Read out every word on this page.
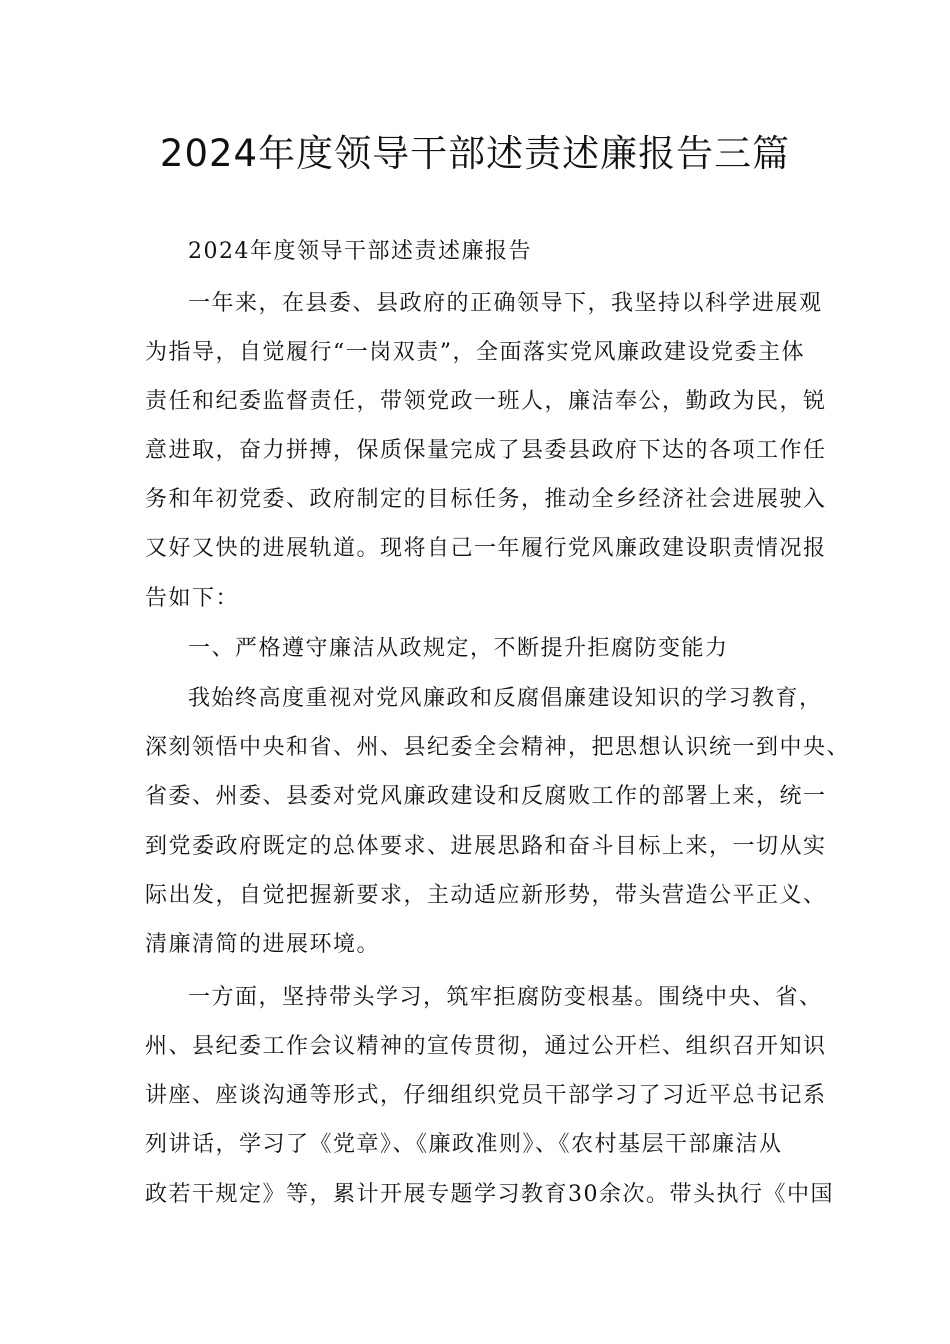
2024年度领导干部述责述廉报告三篇
2024年度领导干部述责述廉报告
一年来，在县委、县政府的正确领导下，我坚持以科学进展观
为指导，自觉履行“一岗双责”，全面落实党风廉政建设党委主体
责任和纪委监督责任，带领党政一班人，廉洁奉公，勤政为民，锐
意进取，奋力拼搏，保质保量完成了县委县政府下达的各项工作任
务和年初党委、政府制定的目标任务，推动全乡经济社会进展驶入
又好又快的进展轨道。现将自己一年履行党风廉政建设职责情况报
告如下：
一、严格遵守廉洁从政规定，不断提升拒腐防变能力
我始终高度重视对党风廉政和反腐倡廉建设知识的学习教育，
深刻领悟中央和省、州、县纪委全会精神，把思想认识统一到中央、
省委、州委、县委对党风廉政建设和反腐败工作的部署上来，统一
到党委政府既定的总体要求、进展思路和奋斗目标上来，一切从实
际出发，自觉把握新要求，主动适应新形势，带头营造公平正义、
清廉清简的进展环境。
一方面，坚持带头学习，筑牢拒腐防变根基。围绕中央、省、
州、县纪委工作会议精神的宣传贯彻，通过公开栏、组织召开知识
讲座、座谈沟通等形式，仔细组织党员干部学习了习近平总书记系
列讲话，学习了《党章》、《廉政准则》、《农村基层干部廉洁从
政若干规定》等，累计开展专题学习教育30余次。带头执行《中国
